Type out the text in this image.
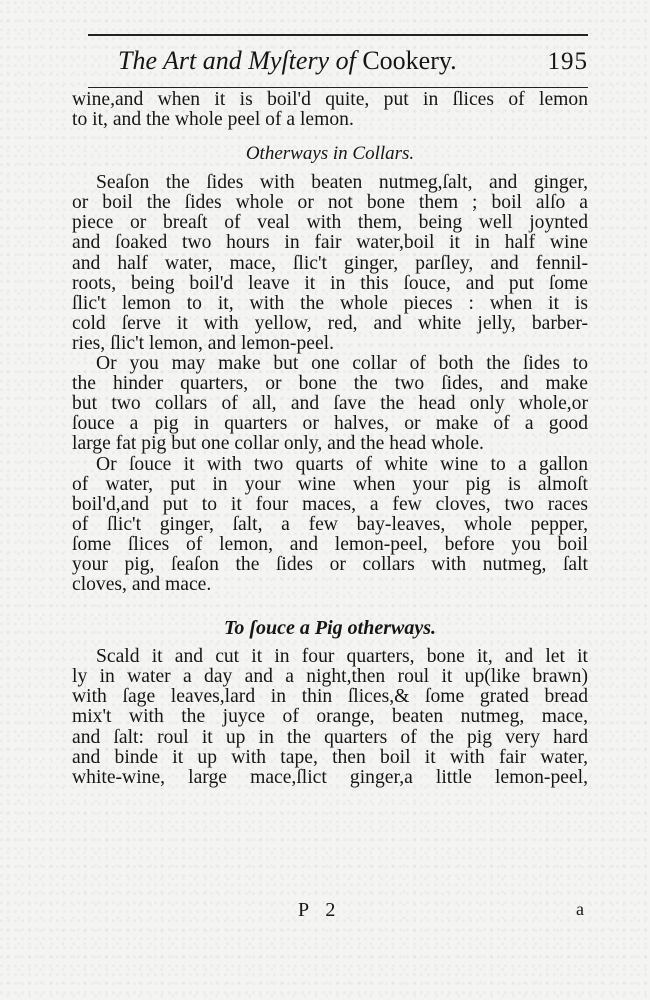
The Art and Myſtery of Cookery.	195
wine,and when it is boil'd quite, put in ſlices of lemon
to it, and the whole peel of a lemon.
Otherways in Collars.
Seaſon the ſides with beaten nutmeg,ſalt, and ginger,
or boil the ſides whole or not bone them ; boil alſo a
piece or breaſt of veal with them, being well joynted
and ſoaked two hours in fair water,boil it in half wine
and half water, mace, ſlic't ginger, parſley, and fennil-
roots, being boil'd leave it in this ſouce, and put ſome
ſlic't lemon to it, with the whole pieces : when it is
cold ſerve it with yellow, red, and white jelly, barber-
ries, ſlic't lemon, and lemon-peel.
Or you may make but one collar of both the ſides to
the hinder quarters, or bone the two ſides, and make
but two collars of all, and ſave the head only whole,or
ſouce a pig in quarters or halves, or make of a good
large fat pig but one collar only, and the head whole.
Or ſouce it with two quarts of white wine to a gallon
of water, put in your wine when your pig is almoſt
boil'd,and put to it four maces, a few cloves, two races
of ſlic't ginger, ſalt, a few bay-leaves, whole pepper,
ſome ſlices of lemon, and lemon-peel, before you boil
your pig, ſeaſon the ſides or collars with nutmeg, ſalt
cloves, and mace.
To ſouce a Pig otherways.
Scald it and cut it in four quarters, bone it, and let it
ly in water a day and a night,then roul it up(like brawn)
with ſage leaves,lard in thin ſlices,& ſome grated bread
mix't with the juyce of orange, beaten nutmeg, mace,
and ſalt: roul it up in the quarters of the pig very hard
and binde it up with tape, then boil it with fair water,
white-wine, large mace,ſlict ginger,a little lemon-peel,
P 2	a
